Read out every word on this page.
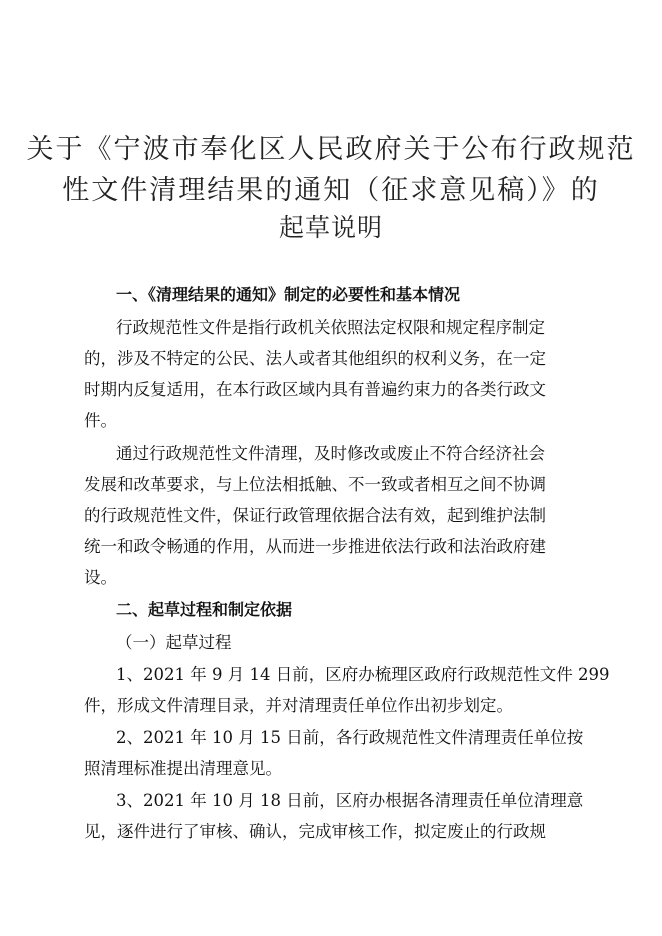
关于《宁波市奉化区人民政府关于公布行政规范
性文件清理结果的通知（征求意见稿）》的
起草说明
一、《清理结果的通知》制定的必要性和基本情况
行政规范性文件是指行政机关依照法定权限和规定程序制定
的，涉及不特定的公民、法人或者其他组织的权利义务，在一定
时期内反复适用，在本行政区域内具有普遍约束力的各类行政文
件。
通过行政规范性文件清理，及时修改或废止不符合经济社会
发展和改革要求，与上位法相抵触、不一致或者相互之间不协调
的行政规范性文件，保证行政管理依据合法有效，起到维护法制
统一和政令畅通的作用，从而进一步推进依法行政和法治政府建
设。
二、起草过程和制定依据
（一）起草过程
1、2021 年 9 月 14 日前，区府办梳理区政府行政规范性文件 299
件，形成文件清理目录，并对清理责任单位作出初步划定。
2、2021 年 10 月 15 日前，各行政规范性文件清理责任单位按
照清理标准提出清理意见。
3、2021 年 10 月 18 日前，区府办根据各清理责任单位清理意
见，逐件进行了审核、确认，完成审核工作，拟定废止的行政规
